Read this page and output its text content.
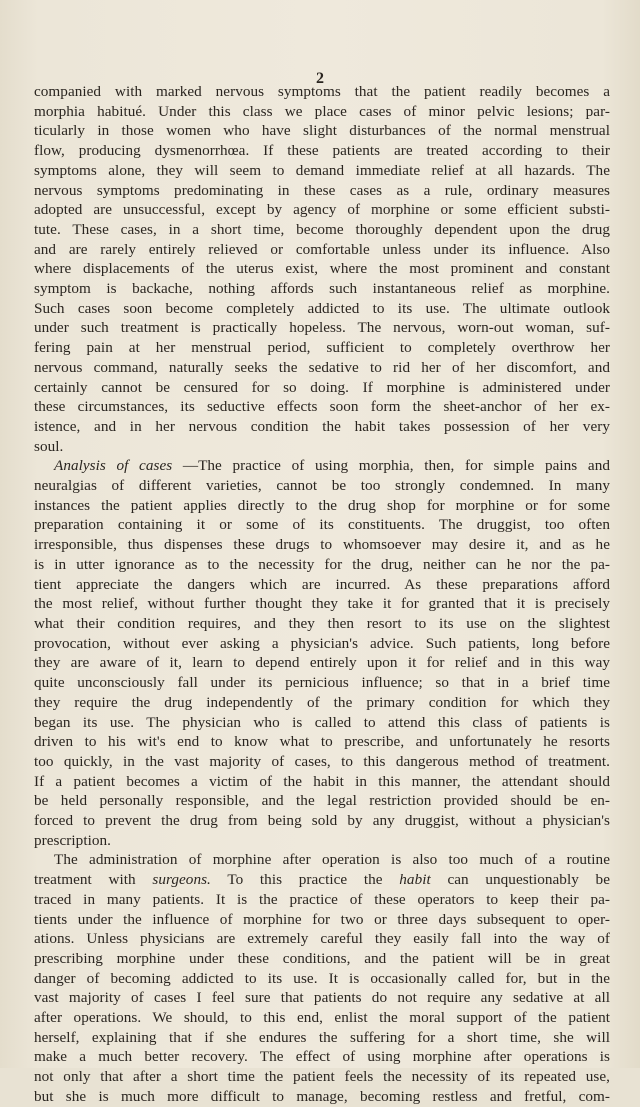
2
companied with marked nervous symptoms that the patient readily becomes a
morphia habitué. Under this class we place cases of minor pelvic lesions; par-
ticularly in those women who have slight disturbances of the normal menstrual
flow, producing dysmenorrhœa. If these patients are treated according to their
symptoms alone, they will seem to demand immediate relief at all hazards. The
nervous symptoms predominating in these cases as a rule, ordinary measures
adopted are unsuccessful, except by agency of morphine or some efficient substi-
tute. These cases, in a short time, become thoroughly dependent upon the drug
and are rarely entirely relieved or comfortable unless under its influence. Also
where displacements of the uterus exist, where the most prominent and constant
symptom is backache, nothing affords such instantaneous relief as morphine.
Such cases soon become completely addicted to its use. The ultimate outlook
under such treatment is practically hopeless. The nervous, worn-out woman, suf-
fering pain at her menstrual period, sufficient to completely overthrow her
nervous command, naturally seeks the sedative to rid her of her discomfort, and
certainly cannot be censured for so doing. If morphine is administered under
these circumstances, its seductive effects soon form the sheet-anchor of her ex-
istence, and in her nervous condition the habit takes possession of her very
soul.
Analysis of cases —The practice of using morphia, then, for simple pains and
neuralgias of different varieties, cannot be too strongly condemned. In many
instances the patient applies directly to the drug shop for morphine or for some
preparation containing it or some of its constituents. The druggist, too often
irresponsible, thus dispenses these drugs to whomsoever may desire it, and as he
is in utter ignorance as to the necessity for the drug, neither can he nor the pa-
tient appreciate the dangers which are incurred. As these preparations afford
the most relief, without further thought they take it for granted that it is precisely
what their condition requires, and they then resort to its use on the slightest
provocation, without ever asking a physician's advice. Such patients, long before
they are aware of it, learn to depend entirely upon it for relief and in this way
quite unconsciously fall under its pernicious influence; so that in a brief time
they require the drug independently of the primary condition for which they
began its use. The physician who is called to attend this class of patients is
driven to his wit's end to know what to prescribe, and unfortunately he resorts
too quickly, in the vast majority of cases, to this dangerous method of treatment.
If a patient becomes a victim of the habit in this manner, the attendant should
be held personally responsible, and the legal restriction provided should be en-
forced to prevent the drug from being sold by any druggist, without a physician's
prescription.
The administration of morphine after operation is also too much of a routine
treatment with surgeons. To this practice the habit can unquestionably be
traced in many patients. It is the practice of these operators to keep their pa-
tients under the influence of morphine for two or three days subsequent to oper-
ations. Unless physicians are extremely careful they easily fall into the way of
prescribing morphine under these conditions, and the patient will be in great
danger of becoming addicted to its use. It is occasionally called for, but in the
vast majority of cases I feel sure that patients do not require any sedative at all
after operations. We should, to this end, enlist the moral support of the patient
herself, explaining that if she endures the suffering for a short time, she will
make a much better recovery. The effect of using morphine after operations is
not only that after a short time the patient feels the necessity of its repeated use,
but she is much more difficult to manage, becoming restless and fretful, com-
